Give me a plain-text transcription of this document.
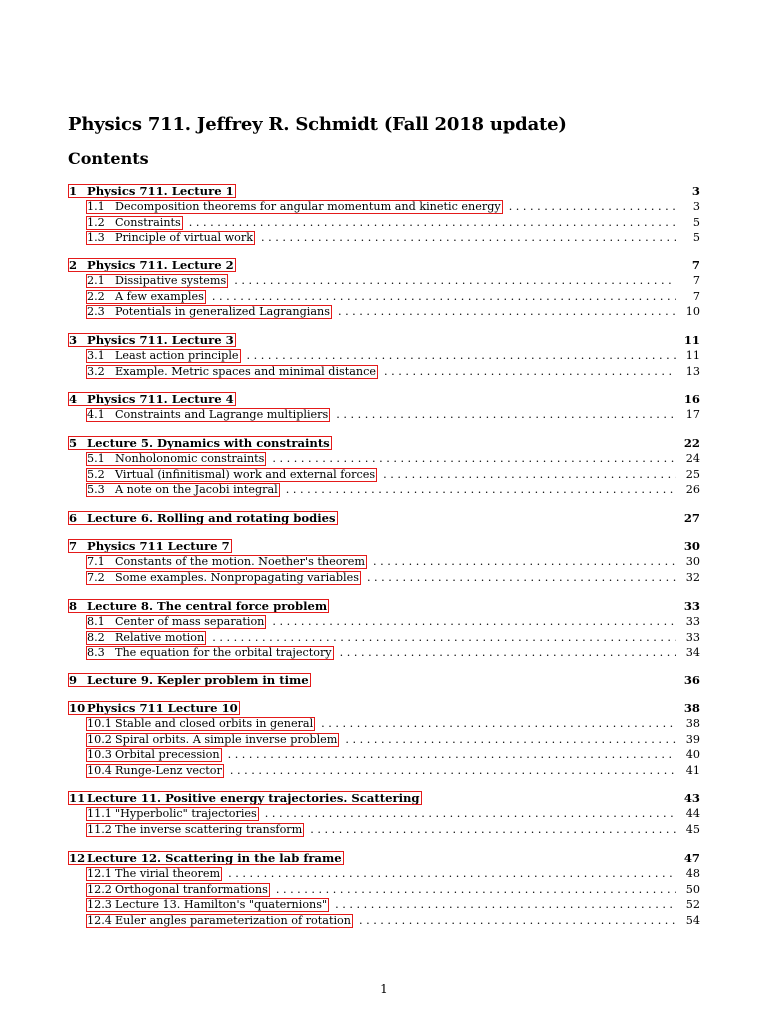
Physics 711. Jeffrey R. Schmidt (Fall 2018 update)
Contents
1 Physics 711. Lecture 1	3
1.1 Decomposition theorems for angular momentum and kinetic energy . . .	3
1.2 Constraints . . .	5
1.3 Principle of virtual work . . .	5
2 Physics 711. Lecture 2	7
2.1 Dissipative systems . . .	7
2.2 A few examples . . .	7
2.3 Potentials in generalized Lagrangians . . .	10
3 Physics 711. Lecture 3	11
3.1 Least action principle . . .	11
3.2 Example. Metric spaces and minimal distance . . .	13
4 Physics 711. Lecture 4	16
4.1 Constraints and Lagrange multipliers . . .	17
5 Lecture 5. Dynamics with constraints	22
5.1 Nonholonomic constraints . . .	24
5.2 Virtual (infinitismal) work and external forces . . .	25
5.3 A note on the Jacobi integral . . .	26
6 Lecture 6. Rolling and rotating bodies	27
7 Physics 711 Lecture 7	30
7.1 Constants of the motion. Noether's theorem . . .	30
7.2 Some examples. Nonpropagating variables . . .	32
8 Lecture 8. The central force problem	33
8.1 Center of mass separation . . .	33
8.2 Relative motion . . .	33
8.3 The equation for the orbital trajectory . . .	34
9 Lecture 9. Kepler problem in time	36
10 Physics 711 Lecture 10	38
10.1 Stable and closed orbits in general . . .	38
10.2 Spiral orbits. A simple inverse problem . . .	39
10.3 Orbital precession . . .	40
10.4 Runge-Lenz vector . . .	41
11 Lecture 11. Positive energy trajectories. Scattering	43
11.1 "Hyperbolic" trajectories . . .	44
11.2 The inverse scattering transform . . .	45
12 Lecture 12. Scattering in the lab frame	47
12.1 The virial theorem . . .	48
12.2 Orthogonal tranformations . . .	50
12.3 Lecture 13. Hamilton's "quaternions" . . .	52
12.4 Euler angles parameterization of rotation . . .	54
1
